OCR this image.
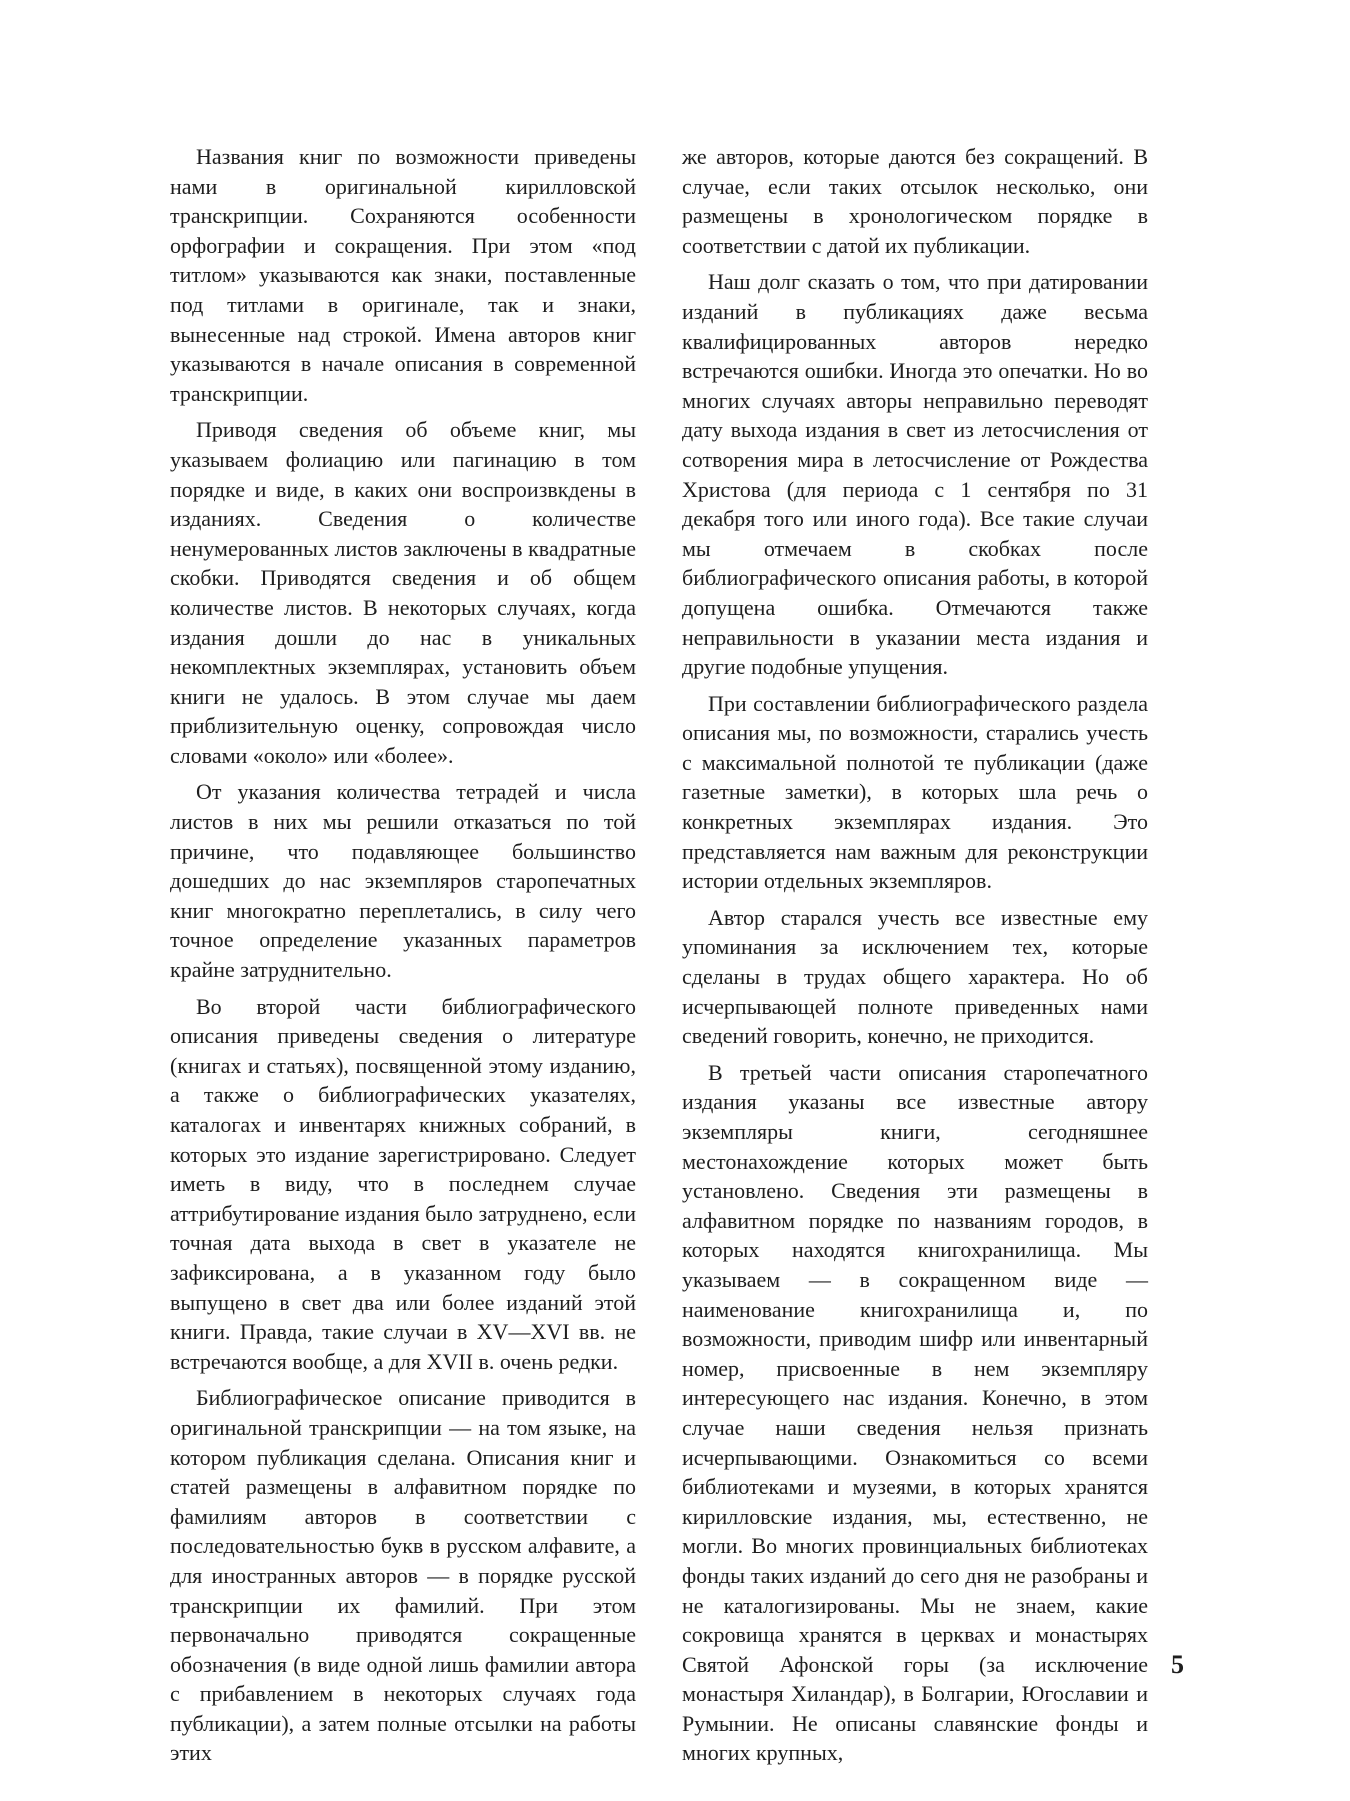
Названия книг по возможности приведены нами в оригинальной кирилловской транскрипции. Сохраняются особенности орфографии и сокращения. При этом «под титлом» указываются как знаки, поставленные под титлами в оригинале, так и знаки, вынесенные над строкой. Имена авторов книг указываются в начале описания в современной транскрипции.

Приводя сведения об объеме книг, мы указываем фолиацию или пагинацию в том порядке и виде, в каких они воспроизвкдены в изданиях. Сведения о количестве ненумерованных листов заключены в квадратные скобки. Приводятся сведения и об общем количестве листов. В некоторых случаях, когда издания дошли до нас в уникальных некомплектных экземплярах, установить объем книги не удалось. В этом случае мы даем приблизительную оценку, сопровождая число словами «около» или «более».

От указания количества тетрадей и числа листов в них мы решили отказаться по той причине, что подавляющее большинство дошедших до нас экземпляров старопечатных книг многократно переплетались, в силу чего точное определение указанных параметров крайне затруднительно.

Во второй части библиографического описания приведены сведения о литературе (книгах и статьях), посвященной этому изданию, а также о библиографических указателях, каталогах и инвентарях книжных собраний, в которых это издание зарегистрировано. Следует иметь в виду, что в последнем случае аттрибутирование издания было затруднено, если точная дата выхода в свет в указателе не зафиксирована, а в указанном году было выпущено в свет два или более изданий этой книги. Правда, такие случаи в XV—XVI вв. не встречаются вообще, а для XVII в. очень редки.

Библиографическое описание приводится в оригинальной транскрипции — на том языке, на котором публикация сделана. Описания книг и статей размещены в алфавитном порядке по фамилиям авторов в соответствии с последовательностью букв в русском алфавите, а для иностранных авторов — в порядке русской транскрипции их фамилий. При этом первоначально приводятся сокращенные обозначения (в виде одной лишь фамилии автора с прибавлением в некоторых случаях года публикации), а затем полные отсылки на работы этих

же авторов, которые даются без сокращений. В случае, если таких отсылок несколько, они размещены в хронологическом порядке в соответствии с датой их публикации.

Наш долг сказать о том, что при датировании изданий в публикациях даже весьма квалифицированных авторов нередко встречаются ошибки. Иногда это опечатки. Но во многих случаях авторы неправильно переводят дату выхода издания в свет из летосчисления от сотворения мира в летосчисление от Рождества Христова (для периода с 1 сентября по 31 декабря того или иного года). Все такие случаи мы отмечаем в скобках после библиографического описания работы, в которой допущена ошибка. Отмечаются также неправильности в указании места издания и другие подобные упущения.

При составлении библиографического раздела описания мы, по возможности, старались учесть с максимальной полнотой те публикации (даже газетные заметки), в которых шла речь о конкретных экземплярах издания. Это представляется нам важным для реконструкции истории отдельных экземпляров.

Автор старался учесть все известные ему упоминания за исключением тех, которые сделаны в трудах общего характера. Но об исчерпывающей полноте приведенных нами сведений говорить, конечно, не приходится.

В третьей части описания старопечатного издания указаны все известные автору экземпляры книги, сегодняшнее местонахождение которых может быть установлено. Сведения эти размещены в алфавитном порядке по названиям городов, в которых находятся книгохранилища. Мы указываем — в сокращенном виде — наименование книгохранилища и, по возможности, приводим шифр или инвентарный номер, присвоенные в нем экземпляру интересующего нас издания. Конечно, в этом случае наши сведения нельзя признать исчерпывающими. Ознакомиться со всеми библиотеками и музеями, в которых хранятся кирилловские издания, мы, естественно, не могли. Во многих провинциальных библиотеках фонды таких изданий до сего дня не разобраны и не каталогизированы. Мы не знаем, какие сокровища хранятся в церквах и монастырях Святой Афонской горы (за исключение монастыря Хиландар), в Болгарии, Югославии и Румынии. Не описаны славянские фонды и многих крупных,

5
